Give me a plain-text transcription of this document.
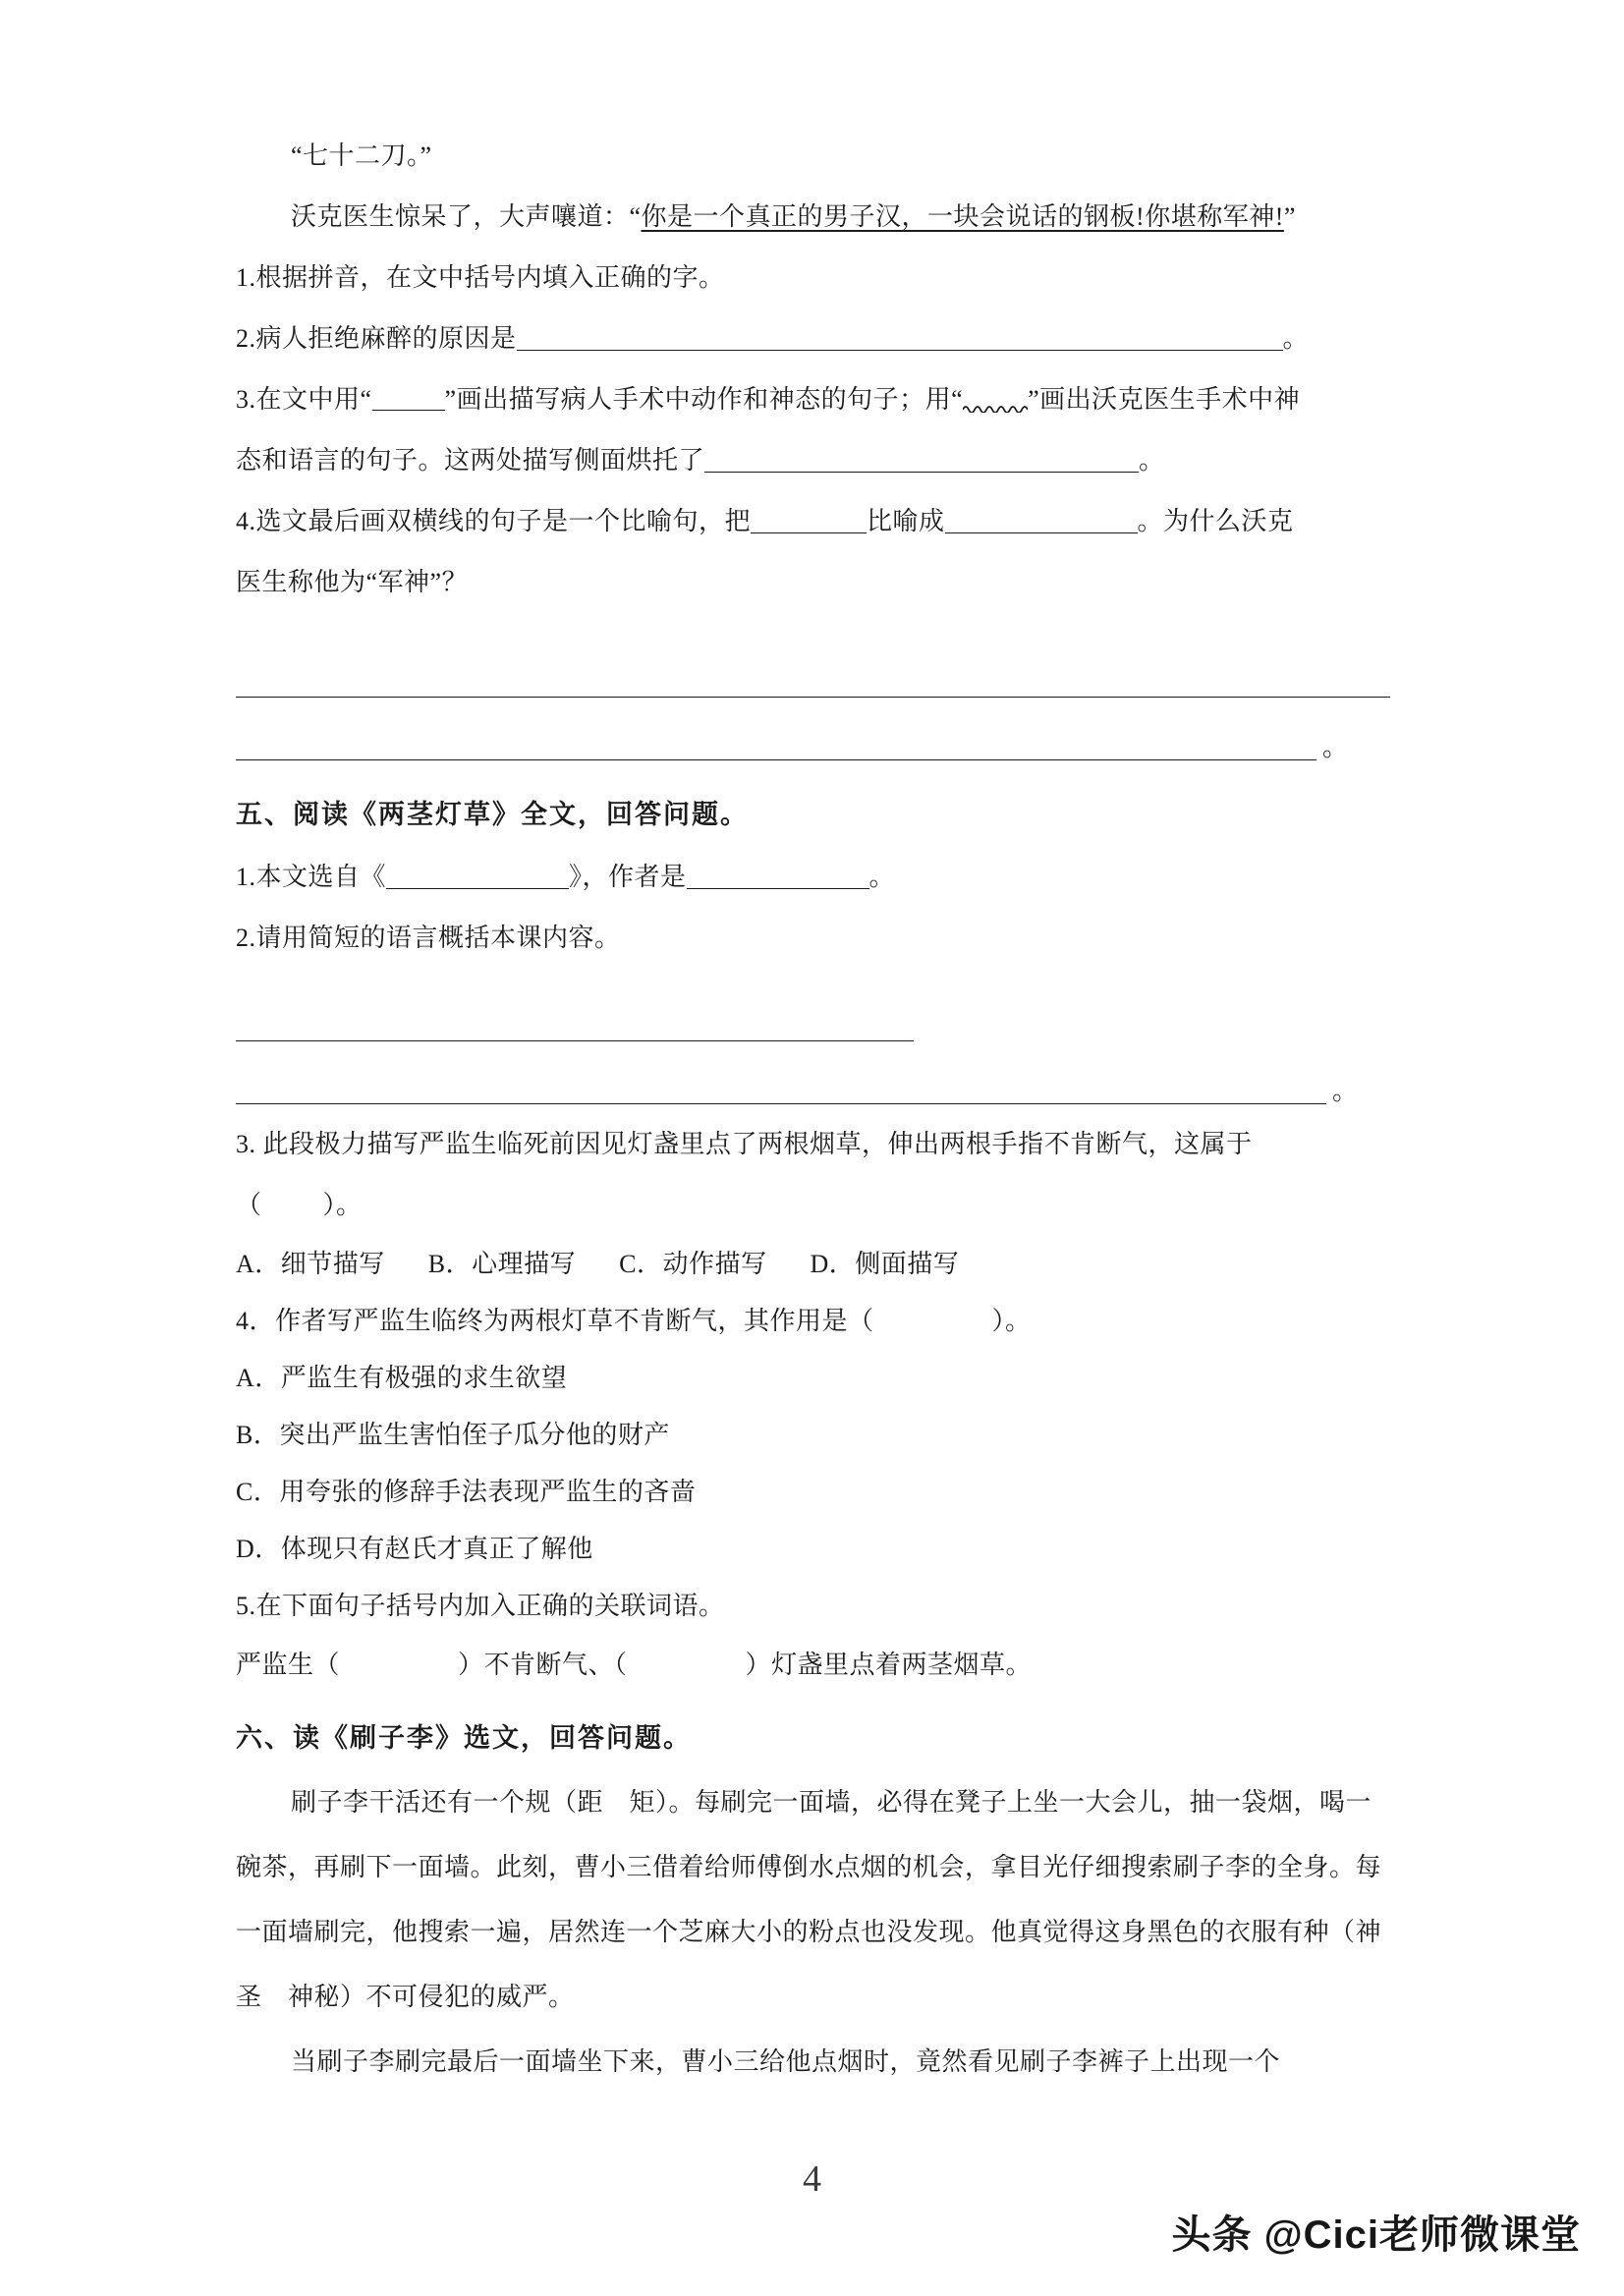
“七十二刀。”
沃克医生惊呆了，大声嚷道：“你是一个真正的男子汉，一块会说话的钢板!你堪称军神!”
1.根据拼音，在文中括号内填入正确的字。
2.病人拒绝麻醉的原因是	。
3.在文中用“	”画出描写病人手术中动作和神态的句子；用“	”画出沃克医生手术中神
态和语言的句子。这两处描写侧面烘托了	。
4.选文最后画双横线的句子是一个比喻句，把	比喻成	。为什么沃克
医生称他为“军神”？
。
五、阅读《两茎灯草》全文，回答问题。
1.本文选自《	》，作者是	。
2.请用简短的语言概括本课内容。
。
3. 此段极力描写严监生临死前因见灯盏里点了两根烟草，伸出两根手指不肯断气，这属于
（ ）。
A．细节描写 B．心理描写 C．动作描写 D．侧面描写
4．作者写严监生临终为两根灯草不肯断气，其作用是（	）。
A．严监生有极强的求生欲望
B．突出严监生害怕侄子瓜分他的财产
C．用夸张的修辞手法表现严监生的吝啬
D．体现只有赵氏才真正了解他
5.在下面句子括号内加入正确的关联词语。
严监生（	）不肯断气、（	）灯盏里点着两茎烟草。
六、读《刷子李》选文，回答问题。
刷子李干活还有一个规（距　矩）。每刷完一面墙，必得在凳子上坐一大会儿，抽一袋烟，喝一碗茶，再刷下一面墙。此刻，曹小三借着给师傅倒水点烟的机会，拿目光仔细搜索刷子李的全身。每一面墙刷完，他搜索一遍，居然连一个芝麻大小的粉点也没发现。他真觉得这身黑色的衣服有种（神圣　神秘）不可侵犯的威严。
当刷子李刷完最后一面墙坐下来，曹小三给他点烟时，竟然看见刷子李裤子上出现一个
4
头条 @Cici老师微课堂
